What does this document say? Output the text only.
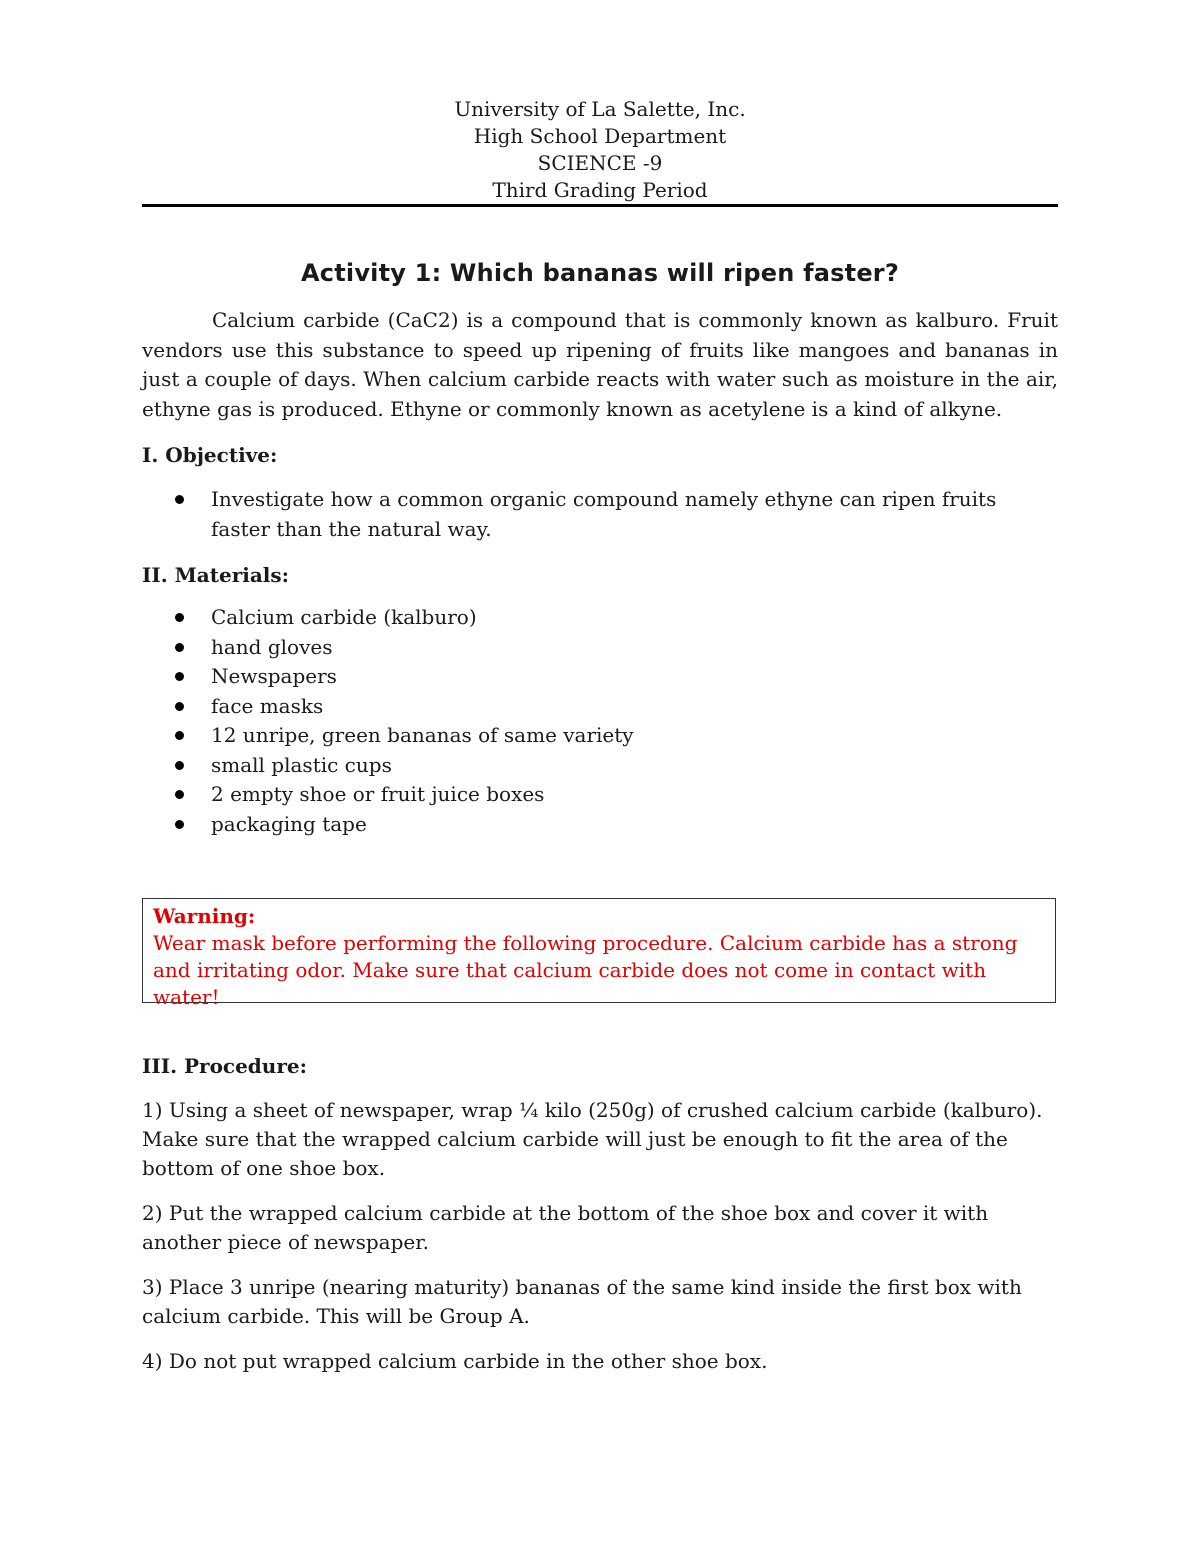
University of La Salette, Inc.
High School Department
SCIENCE -9
Third Grading Period
Activity 1: Which bananas will ripen faster?
Calcium carbide (CaC2) is a compound that is commonly known as kalburo. Fruit vendors use this substance to speed up ripening of fruits like mangoes and bananas in just a couple of days. When calcium carbide reacts with water such as moisture in the air, ethyne gas is produced. Ethyne or commonly known as acetylene is a kind of alkyne.
I. Objective:
Investigate how a common organic compound namely ethyne can ripen fruits faster than the natural way.
II. Materials:
Calcium carbide (kalburo)
hand gloves
Newspapers
face masks
12 unripe, green bananas of same variety
small plastic cups
2 empty shoe or fruit juice boxes
packaging tape
Warning:
Wear mask before performing the following procedure. Calcium carbide has a strong and irritating odor. Make sure that calcium carbide does not come in contact with water!
III. Procedure:
1) Using a sheet of newspaper, wrap ¼ kilo (250g) of crushed calcium carbide (kalburo). Make sure that the wrapped calcium carbide will just be enough to fit the area of the bottom of one shoe box.
2) Put the wrapped calcium carbide at the bottom of the shoe box and cover it with another piece of newspaper.
3) Place 3 unripe (nearing maturity) bananas of the same kind inside the first box with calcium carbide. This will be Group A.
4) Do not put wrapped calcium carbide in the other shoe box.
